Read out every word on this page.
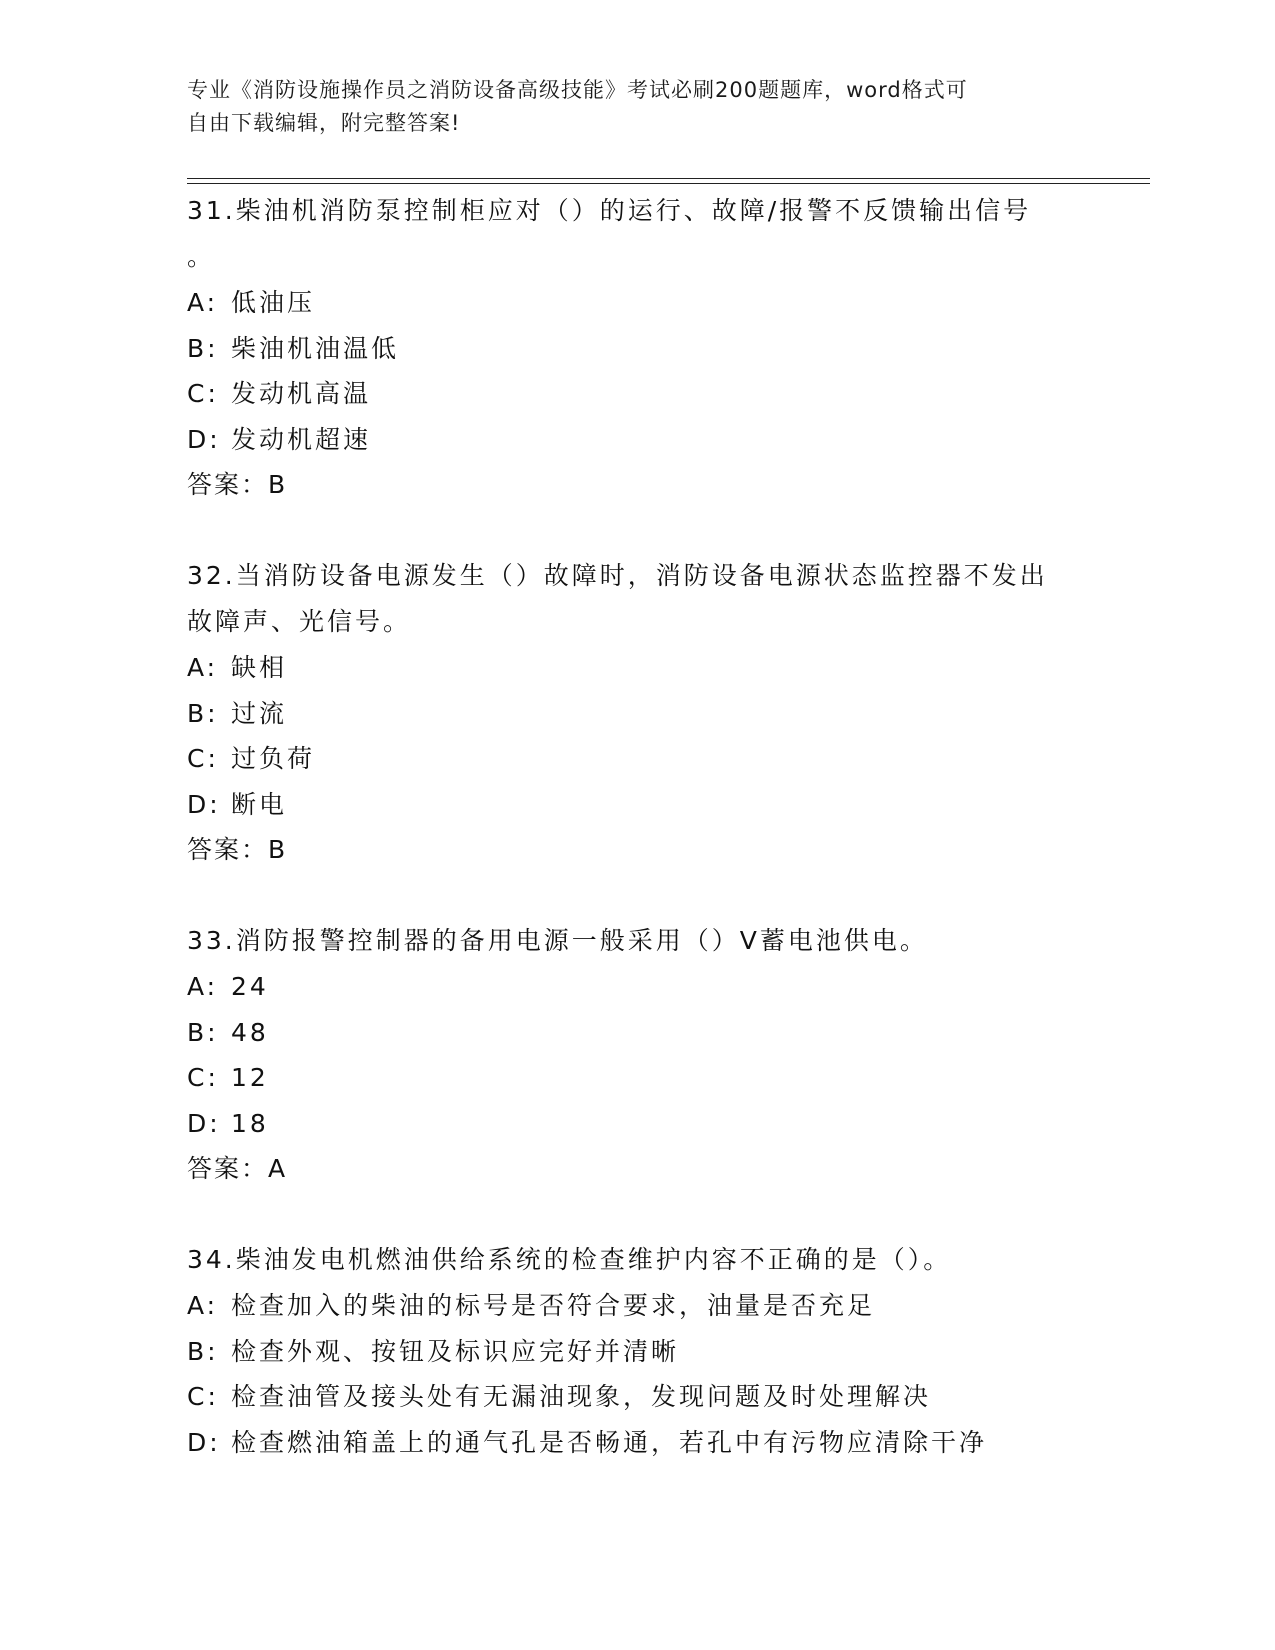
专业《消防设施操作员之消防设备高级技能》考试必刷200题题库，word格式可
自由下载编辑，附完整答案!

31.柴油机消防泵控制柜应对（）的运行、故障/报警不反馈输出信号

。

A: 低油压

B: 柴油机油温低

C: 发动机高温

D: 发动机超速

答案：B

32.当消防设备电源发生（）故障时，消防设备电源状态监控器不发出

故障声、光信号。

A: 缺相

B: 过流

C: 过负荷

D: 断电

答案：B

33.消防报警控制器的备用电源一般采用（）V蓄电池供电。

A: 24

B: 48

C: 12

D: 18

答案：A

34.柴油发电机燃油供给系统的检查维护内容不正确的是（）。

A: 检查加入的柴油的标号是否符合要求，油量是否充足

B: 检查外观、按钮及标识应完好并清晰

C: 检查油管及接头处有无漏油现象，发现问题及时处理解决

D: 检查燃油箱盖上的通气孔是否畅通，若孔中有污物应清除干净
